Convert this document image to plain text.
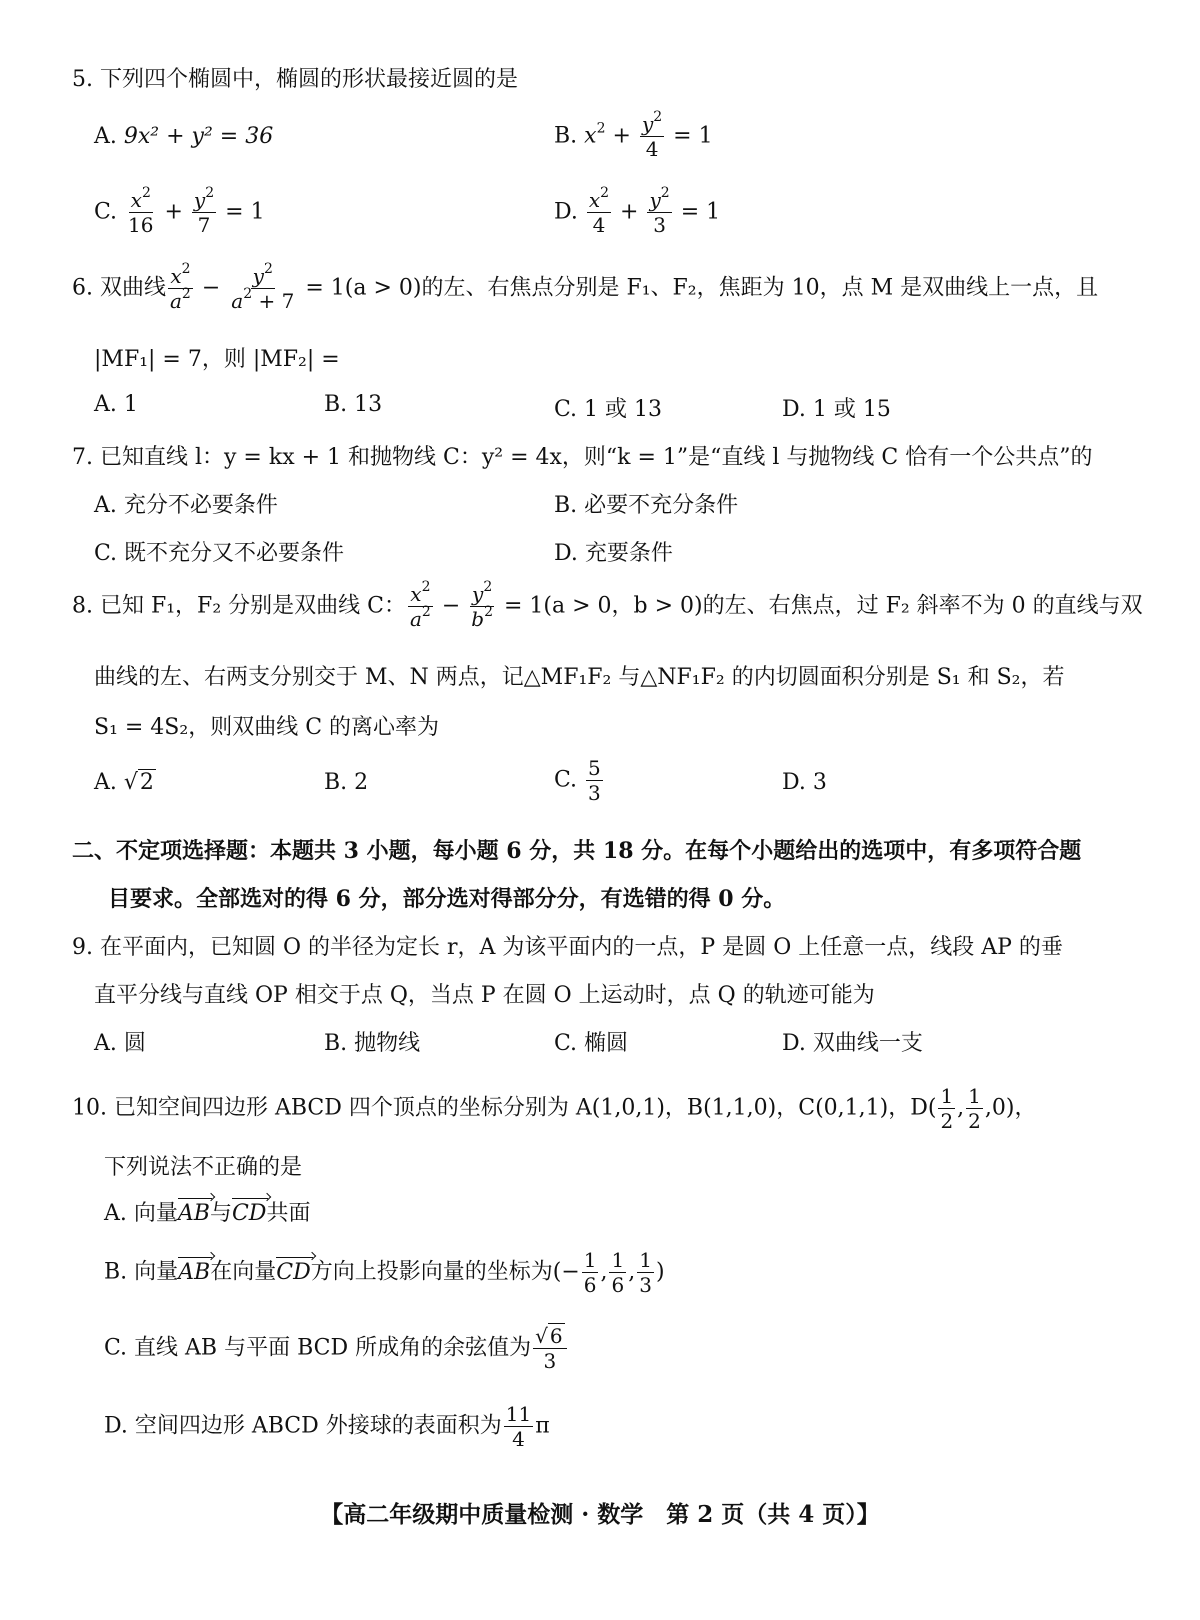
5. 下列四个椭圆中，椭圆的形状最接近圆的是
A. 9x² + y² = 36	B. $x^2 + \frac{y^2}{4} = 1$
C. $\frac{x^2}{16} + \frac{y^2}{7} = 1$	D. $\frac{x^2}{4} + \frac{y^2}{3} = 1$
6. 双曲线 $\frac{x^2}{a^2} - \frac{y^2}{a^2 + 7} = 1(a > 0)$的左、右焦点分别是 F₁、F₂，焦距为 10，点 M 是双曲线上一点，且
|MF₁| = 7，则 |MF₂| =
A. 1	B. 13	C. 1 或 13	D. 1 或 15
7. 已知直线 l：y = kx + 1 和抛物线 C：y² = 4x，则“k = 1”是“直线 l 与抛物线 C 恰有一个公共点”的
A. 充分不必要条件	B. 必要不充分条件
C. 既不充分又不必要条件	D. 充要条件
8. 已知 F₁，F₂ 分别是双曲线 C： $\frac{x^2}{a^2} - \frac{y^2}{b^2} = 1(a > 0$，b > 0)的左、右焦点，过 F₂ 斜率不为 0 的直线与双
曲线的左、右两支分别交于 M、N 两点，记△MF₁F₂ 与△NF₁F₂ 的内切圆面积分别是 S₁ 和 S₂，若
S₁ = 4S₂，则双曲线 C 的离心率为
A. √2	B. 2	C. $\frac{5}{3}$	D. 3
二、不定项选择题：本题共 3 小题，每小题 6 分，共 18 分。在每个小题给出的选项中，有多项符合题
目要求。全部选对的得 6 分，部分选对得部分分，有选错的得 0 分。
9. 在平面内，已知圆 O 的半径为定长 r，A 为该平面内的一点，P 是圆 O 上任意一点，线段 AP 的垂
直平分线与直线 OP 相交于点 Q，当点 P 在圆 O 上运动时，点 Q 的轨迹可能为
A. 圆	B. 抛物线	C. 椭圆	D. 双曲线一支
10. 已知空间四边形 ABCD 四个顶点的坐标分别为 A(1,0,1)，B(1,1,0)，C(0,1,1)，$D( \frac{1}{2}$ , $\frac{1}{2} ,0$)，
下列说法不正确的是
A. 向量AB与CD共面
B. 向量AB在向量CD方向上投影向量的坐标为(− $\frac{1}{6}$ , $\frac{1}{6}$ , $\frac{1}{3}$ )
C. 直线 AB 与平面 BCD 所成角的余弦值为 $\frac{√ 6}{3}$
D. 空间四边形 ABCD 外接球的表面积为 $\frac{11}{4}$ π
【高二年级期中质量检测 · 数学　第 2 页（共 4 页）】
